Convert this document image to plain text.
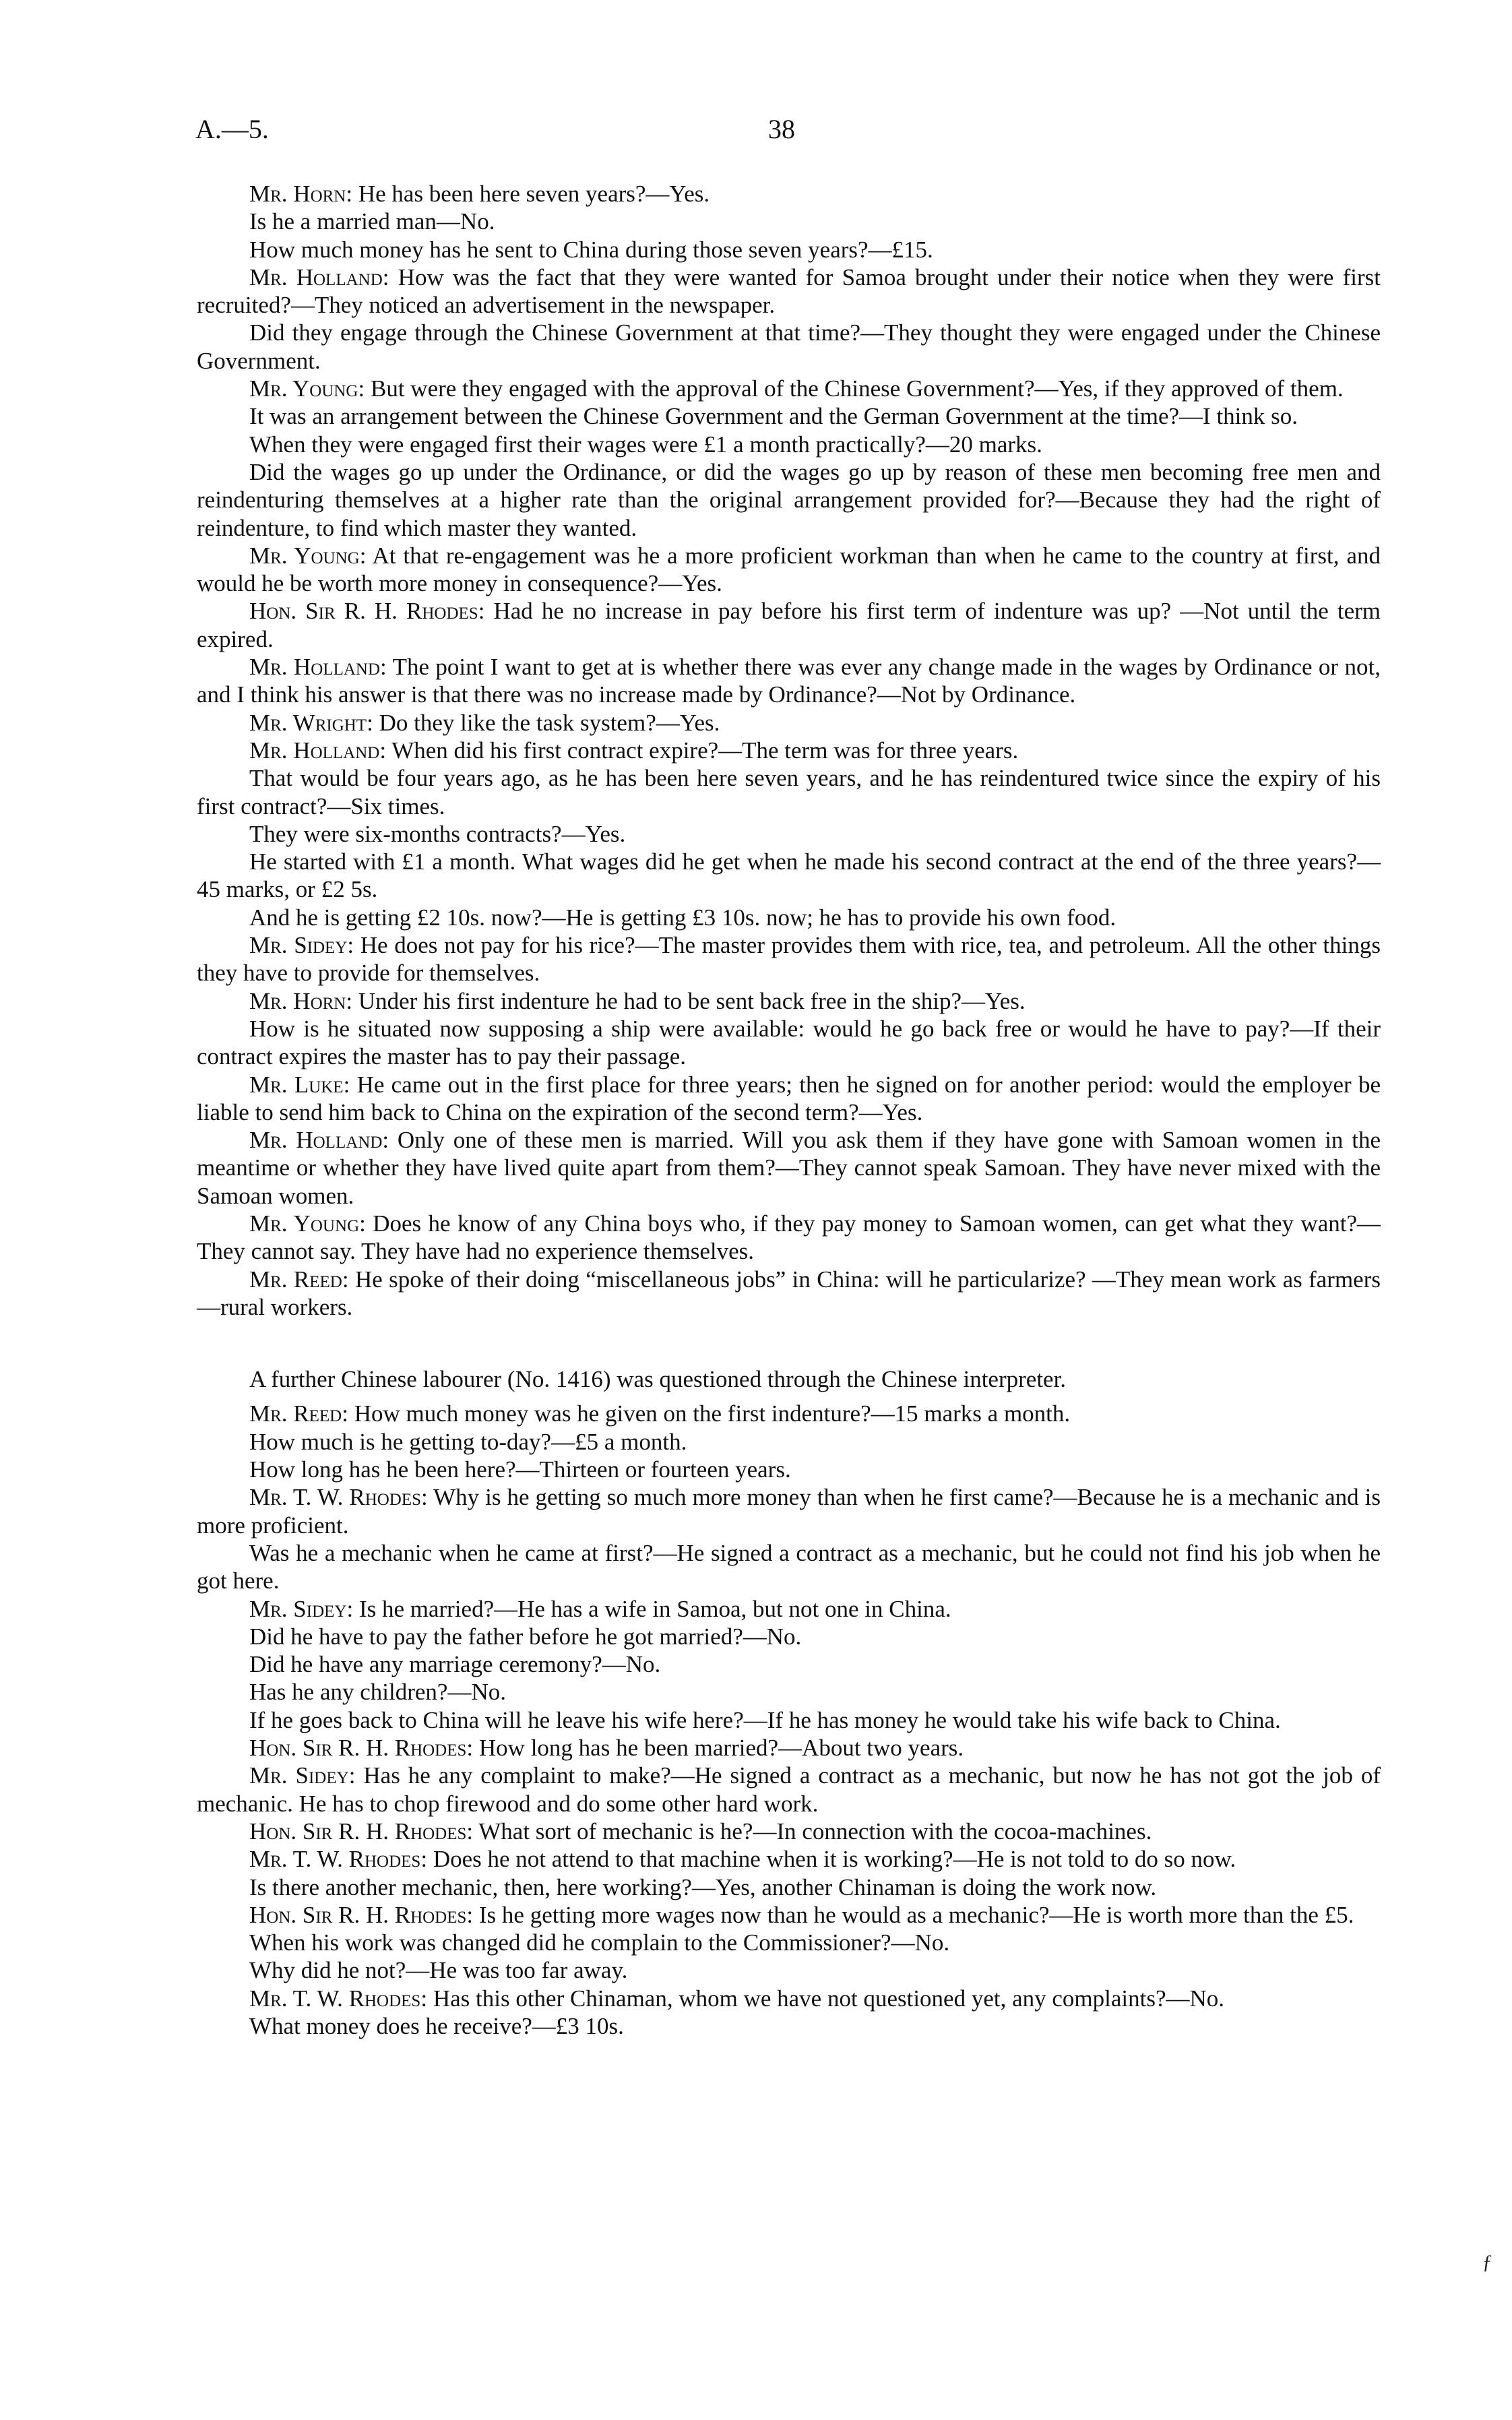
A.—5.	38

Mr. Horn: He has been here seven years?—Yes.

Is he a married man—No.

How much money has he sent to China during those seven years?—£15.

Mr. Holland: How was the fact that they were wanted for Samoa brought under their notice when they were first recruited?—They noticed an advertisement in the newspaper.

Did they engage through the Chinese Government at that time?—They thought they were engaged under the Chinese Government.

Mr. Young: But were they engaged with the approval of the Chinese Government?—Yes, if they approved of them.

It was an arrangement between the Chinese Government and the German Government at the time?—I think so.

When they were engaged first their wages were £1 a month practically?—20 marks.

Did the wages go up under the Ordinance, or did the wages go up by reason of these men becoming free men and reindenturing themselves at a higher rate than the original arrangement provided for?—Because they had the right of reindenture, to find which master they wanted.

Mr. Young: At that re-engagement was he a more proficient workman than when he came to the country at first, and would he be worth more money in consequence?—Yes.

Hon. Sir R. H. Rhodes: Had he no increase in pay before his first term of indenture was up? —Not until the term expired.

Mr. Holland: The point I want to get at is whether there was ever any change made in the wages by Ordinance or not, and I think his answer is that there was no increase made by Ordinance?—Not by Ordinance.

Mr. Wright: Do they like the task system?—Yes.

Mr. Holland: When did his first contract expire?—The term was for three years.

That would be four years ago, as he has been here seven years, and he has reindentured twice since the expiry of his first contract?—Six times.

They were six-months contracts?—Yes.

He started with £1 a month. What wages did he get when he made his second contract at the end of the three years?—45 marks, or £2 5s.

And he is getting £2 10s. now?—He is getting £3 10s. now; he has to provide his own food.

Mr. Sidey: He does not pay for his rice?—The master provides them with rice, tea, and petroleum. All the other things they have to provide for themselves.

Mr. Horn: Under his first indenture he had to be sent back free in the ship?—Yes.

How is he situated now supposing a ship were available: would he go back free or would he have to pay?—If their contract expires the master has to pay their passage.

Mr. Luke: He came out in the first place for three years; then he signed on for another period: would the employer be liable to send him back to China on the expiration of the second term?—Yes.

Mr. Holland: Only one of these men is married. Will you ask them if they have gone with Samoan women in the meantime or whether they have lived quite apart from them?—They cannot speak Samoan. They have never mixed with the Samoan women.

Mr. Young: Does he know of any China boys who, if they pay money to Samoan women, can get what they want?—They cannot say. They have had no experience themselves.

Mr. Reed: He spoke of their doing “miscellaneous jobs” in China: will he particularize? —They mean work as farmers—rural workers.

A further Chinese labourer (No. 1416) was questioned through the Chinese interpreter.

Mr. Reed: How much money was he given on the first indenture?—15 marks a month.

How much is he getting to-day?—£5 a month.

How long has he been here?—Thirteen or fourteen years.

Mr. T. W. Rhodes: Why is he getting so much more money than when he first came?—Because he is a mechanic and is more proficient.

Was he a mechanic when he came at first?—He signed a contract as a mechanic, but he could not find his job when he got here.

Mr. Sidey: Is he married?—He has a wife in Samoa, but not one in China.

Did he have to pay the father before he got married?—No.

Did he have any marriage ceremony?—No.

Has he any children?—No.

If he goes back to China will he leave his wife here?—If he has money he would take his wife back to China.

Hon. Sir R. H. Rhodes: How long has he been married?—About two years.

Mr. Sidey: Has he any complaint to make?—He signed a contract as a mechanic, but now he has not got the job of mechanic. He has to chop firewood and do some other hard work.

Hon. Sir R. H. Rhodes: What sort of mechanic is he?—In connection with the cocoa-machines.

Mr. T. W. Rhodes: Does he not attend to that machine when it is working?—He is not told to do so now.

Is there another mechanic, then, here working?—Yes, another Chinaman is doing the work now.

Hon. Sir R. H. Rhodes: Is he getting more wages now than he would as a mechanic?—He is worth more than the £5.

When his work was changed did he complain to the Commissioner?—No.

Why did he not?—He was too far away.

Mr. T. W. Rhodes: Has this other Chinaman, whom we have not questioned yet, any complaints?—No.

What money does he receive?—£3 10s.

ƒ
